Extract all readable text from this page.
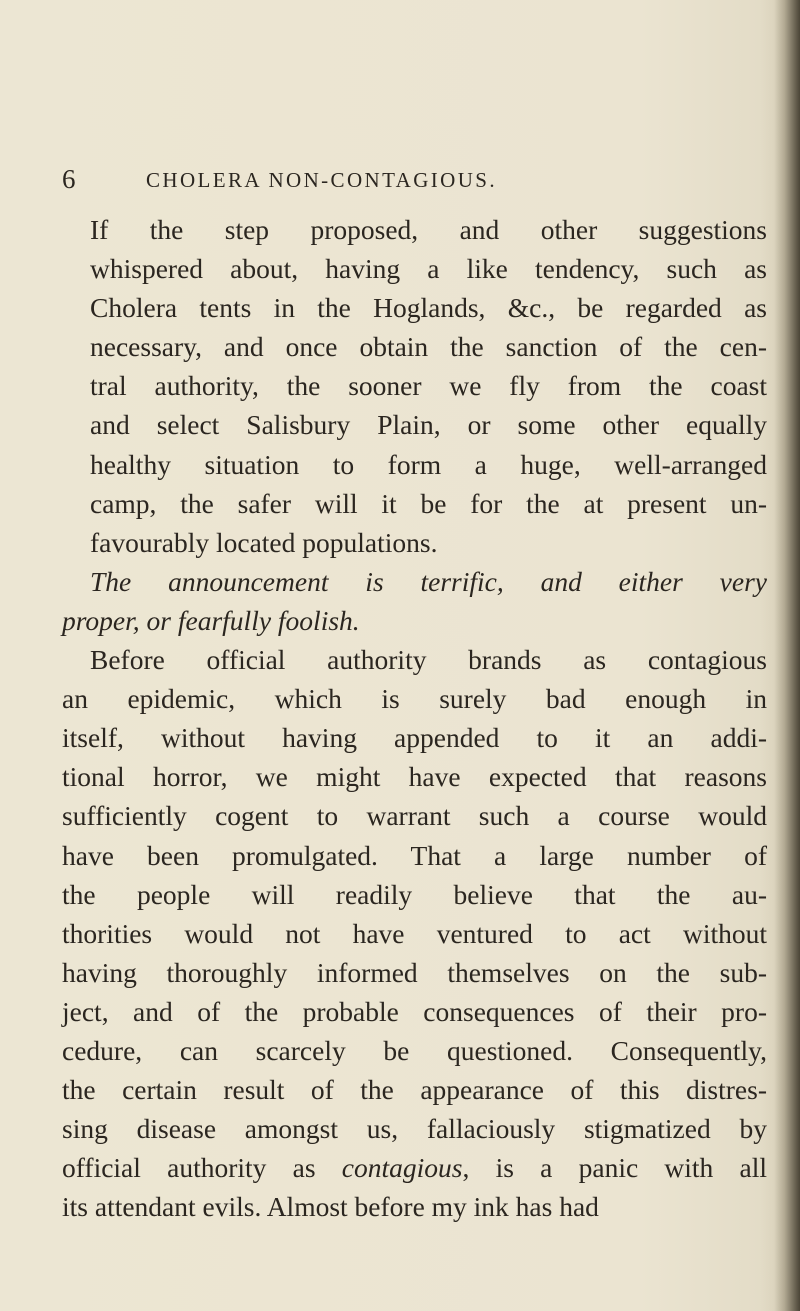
6	CHOLERA NON-CONTAGIOUS.

If the step proposed, and other suggestions
whispered about, having a like tendency, such as
Cholera tents in the Hoglands, &c., be regarded as
necessary, and once obtain the sanction of the cen-
tral authority, the sooner we fly from the coast
and select Salisbury Plain, or some other equally
healthy situation to form a huge, well-arranged
camp, the safer will it be for the at present un-
favourably located populations.

The announcement is terrific, and either very
proper, or fearfully foolish.

Before official authority brands as contagious
an epidemic, which is surely bad enough in
itself, without having appended to it an addi-
tional horror, we might have expected that reasons
sufficiently cogent to warrant such a course would
have been promulgated. That a large number of
the people will readily believe that the au-
thorities would not have ventured to act without
having thoroughly informed themselves on the sub-
ject, and of the probable consequences of their pro-
cedure, can scarcely be questioned. Consequently,
the certain result of the appearance of this distres-
sing disease amongst us, fallaciously stigmatized by
official authority as contagious, is a panic with all
its attendant evils. Almost before my ink has had
